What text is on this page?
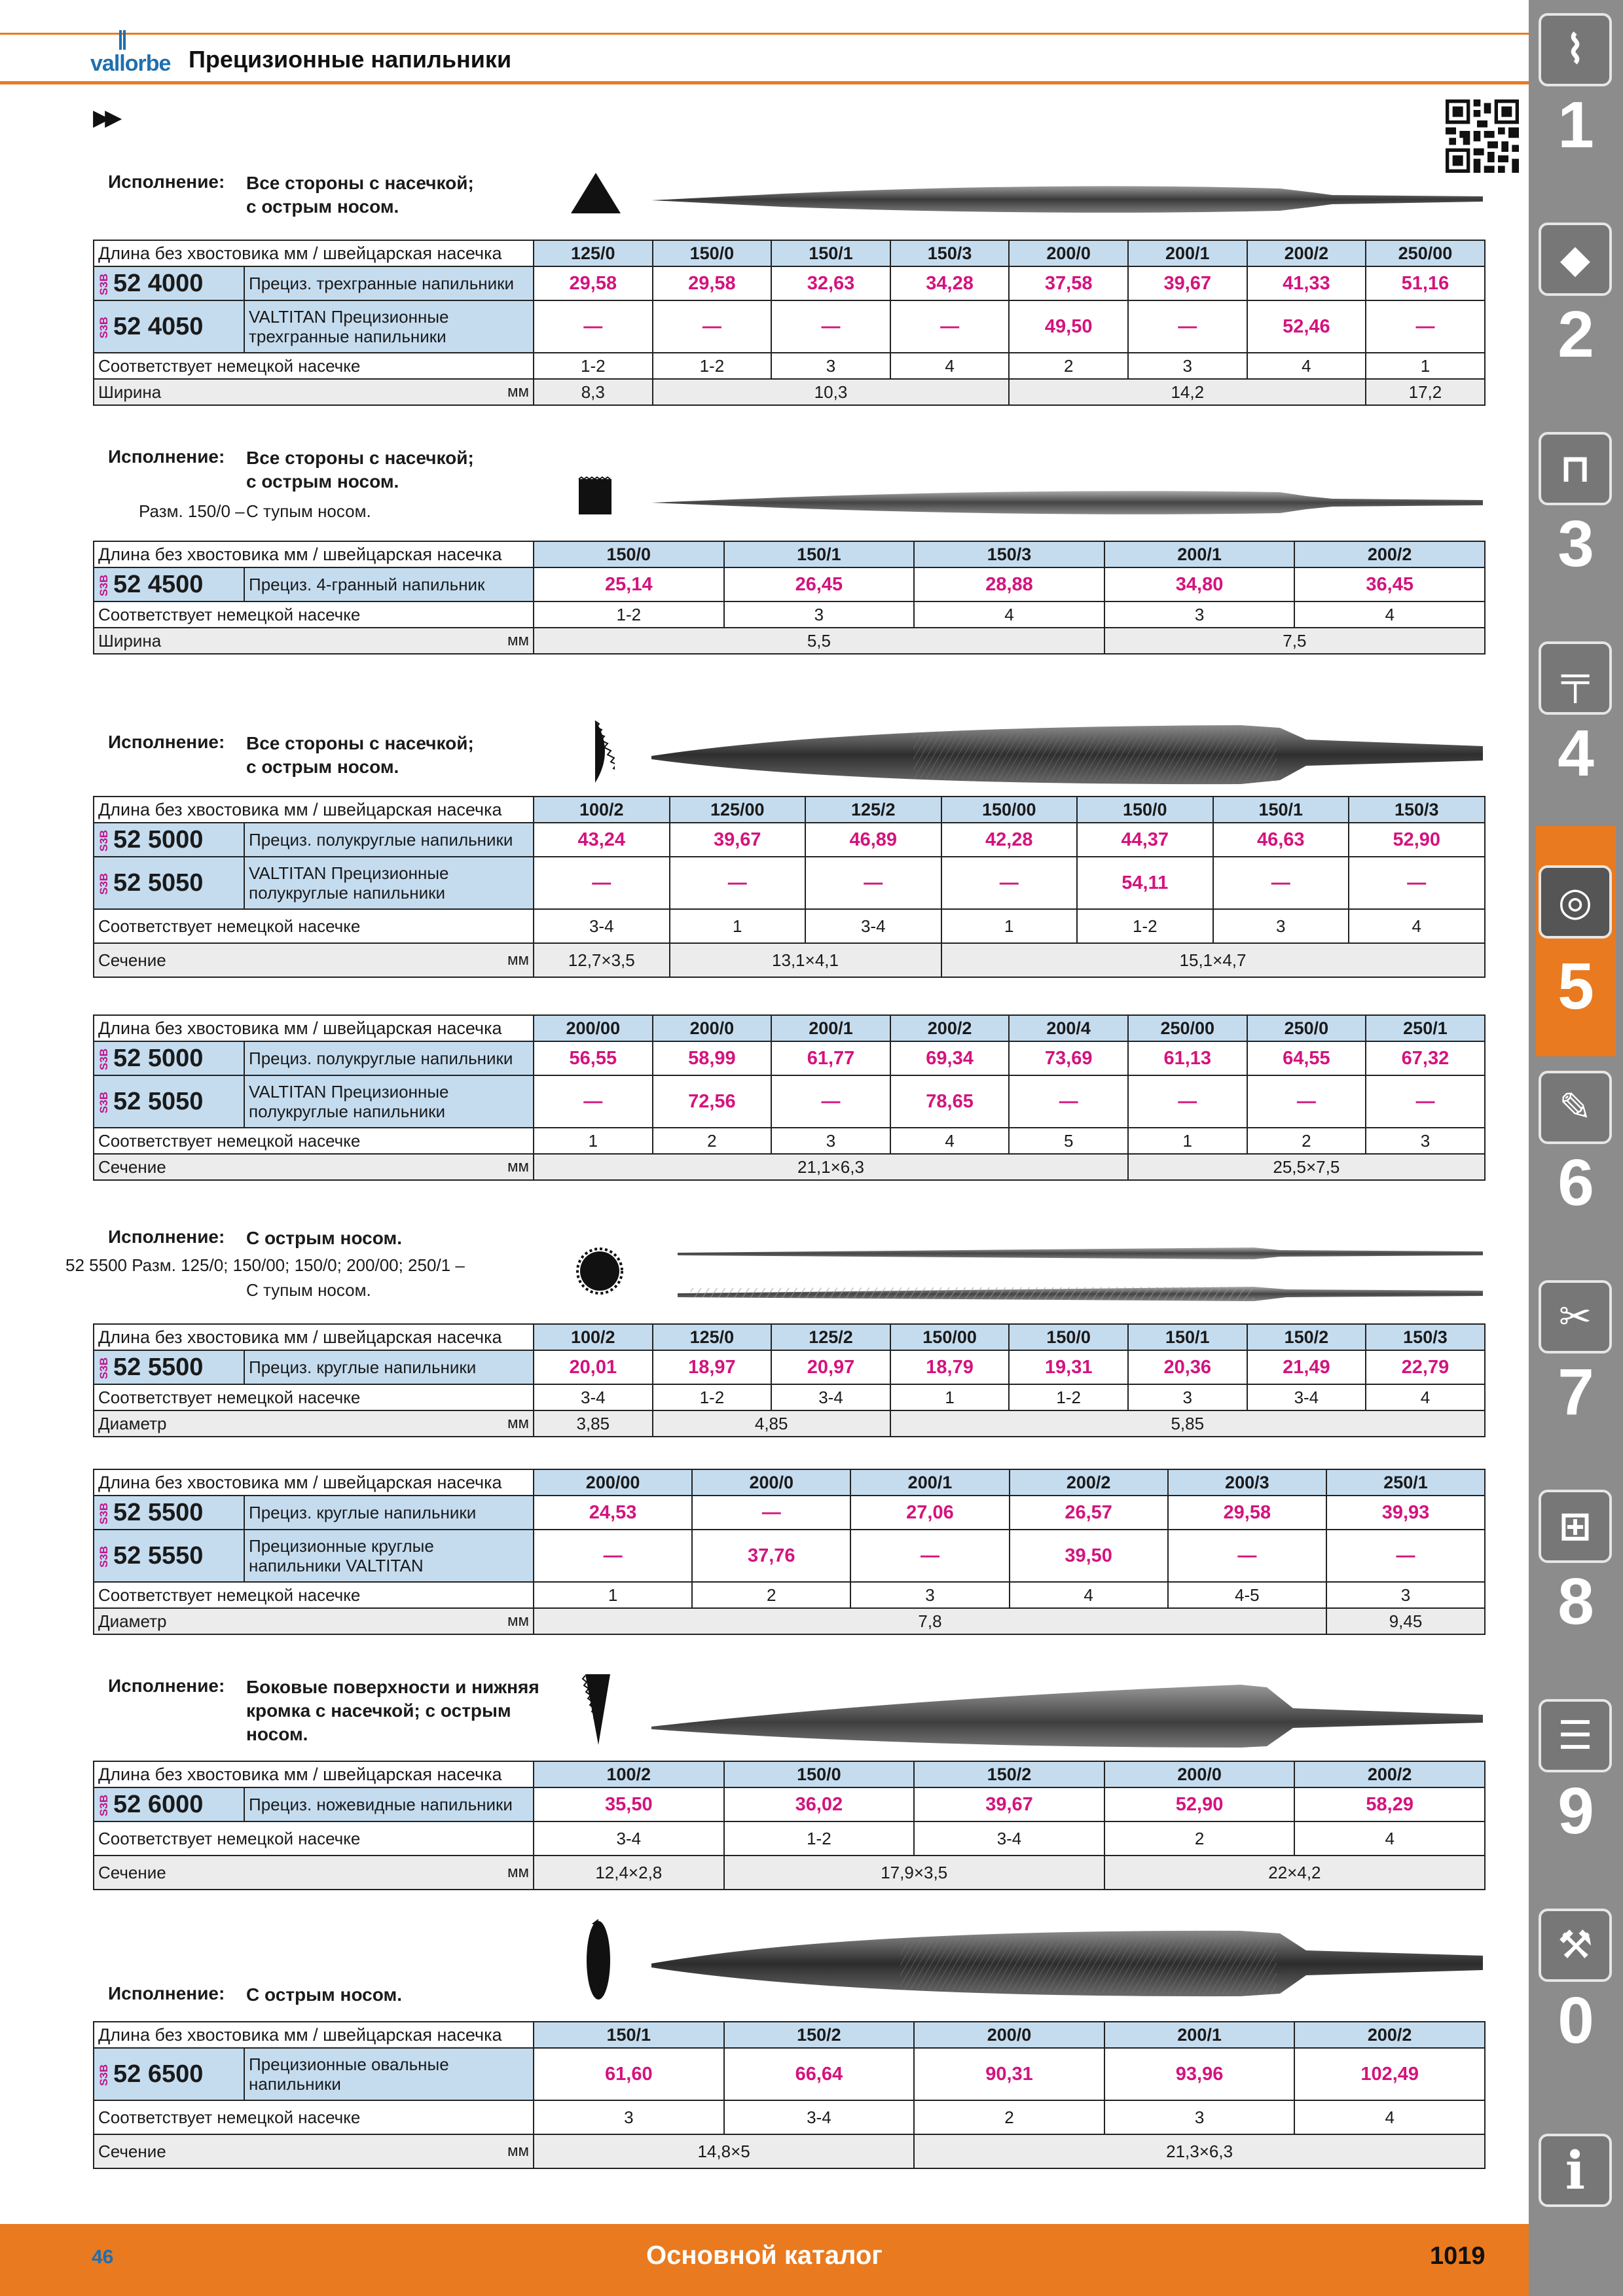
vallorbe Прецизионные напильники
▶▶
Исполнение: Все стороны с насечкой;
с острым носом.
Длина без хвостовика мм / швейцарская насечка			125/0	150/0	150/1	150/3	200/0	200/1	200/2	250/00
S3B 52 4000	Прециз. трехгранные напильники		29,58	29,58	32,63	34,28	37,58	39,67	41,33	51,16
S3B 52 4050	VALTITAN Прецизионные трехгранные напильники		—	—	—	—	49,50	—	52,46	—
Соответствует немецкой насечке			1-2	1-2	3	4	2	3	4	1
Ширина		мм	8,3	10,3			14,2			17,2
Исполнение: Все стороны с насечкой;
с острым носом.
Разм. 150/0 – С тупым носом.
Длина без хвостовика мм / швейцарская насечка			150/0	150/1	150/3	200/1	200/2
S3B 52 4500	Прециз. 4-гранный напильник		25,14	26,45	28,88	34,80	36,45
Соответствует немецкой насечке			1-2	3	4	3	4
Ширина		мм	5,5			7,5	
Исполнение: Все стороны с насечкой;
с острым носом.
Длина без хвостовика мм / швейцарская насечка			100/2	125/00	125/2	150/00	150/0	150/1	150/3
S3B 52 5000	Прециз. полукруглые напильники		43,24	39,67	46,89	42,28	44,37	46,63	52,90
S3B 52 5050	VALTITAN Прецизионные полукруглые напильники		—	—	—	—	54,11	—	—
Соответствует немецкой насечке			3-4	1	3-4	1	1-2	3	4
Сечение		мм	12,7×3,5	13,1×4,1		15,1×4,7			
Длина без хвостовика мм / швейцарская насечка			200/00	200/0	200/1	200/2	200/4	250/00	250/0	250/1
S3B 52 5000	Прециз. полукруглые напильники		56,55	58,99	61,77	69,34	73,69	61,13	64,55	67,32
S3B 52 5050	VALTITAN Прецизионные полукруглые напильники		—	72,56	—	78,65	—	—	—	—
Соответствует немецкой насечке			1	2	3	4	5	1	2	3
Сечение		мм	21,1×6,3					25,5×7,5		
Исполнение: С острым носом.
52 5500 Разм. 125/0; 150/00; 150/0; 200/00; 250/1 –
С тупым носом.
Длина без хвостовика мм / швейцарская насечка			100/2	125/0	125/2	150/00	150/0	150/1	150/2	150/3
S3B 52 5500	Прециз. круглые напильники		20,01	18,97	20,97	18,79	19,31	20,36	21,49	22,79
Соответствует немецкой насечке			3-4	1-2	3-4	1	1-2	3	3-4	4
Диаметр		мм	3,85	4,85		5,85				
Длина без хвостовика мм / швейцарская насечка			200/00	200/0	200/1	200/2	200/3	250/1
S3B 52 5500	Прециз. круглые напильники		24,53	—	27,06	26,57	29,58	39,93
S3B 52 5550	Прецизионные круглые напильники VALTITAN		—	37,76	—	39,50	—	—
Соответствует немецкой насечке			1	2	3	4	4-5	3
Диаметр		мм	7,8					9,45
Исполнение: Боковые поверхности и нижняя
кромка с насечкой; с острым
носом.
Длина без хвостовика мм / швейцарская насечка			100/2	150/0	150/2	200/0	200/2
S3B 52 6000	Прециз. ножевидные напильники		35,50	36,02	39,67	52,90	58,29
Соответствует немецкой насечке			3-4	1-2	3-4	2	4
Сечение		мм	12,4×2,8	17,9×3,5		22×4,2	
Исполнение: С острым носом.
Длина без хвостовика мм / швейцарская насечка			150/1	150/2	200/0	200/1	200/2
S3B 52 6500	Прецизионные овальные напильники		61,60	66,64	90,31	93,96	102,49
Соответствует немецкой насечке			3	3-4	2	3	4
Сечение		мм	14,8×5		21,3×6,3		
⌇
1
◆
2
⊓
3
╤
4
◎
5
✎
6
✂
7
⊞
8
☰
9
⚒
0
i
46	Основной каталог	1019
